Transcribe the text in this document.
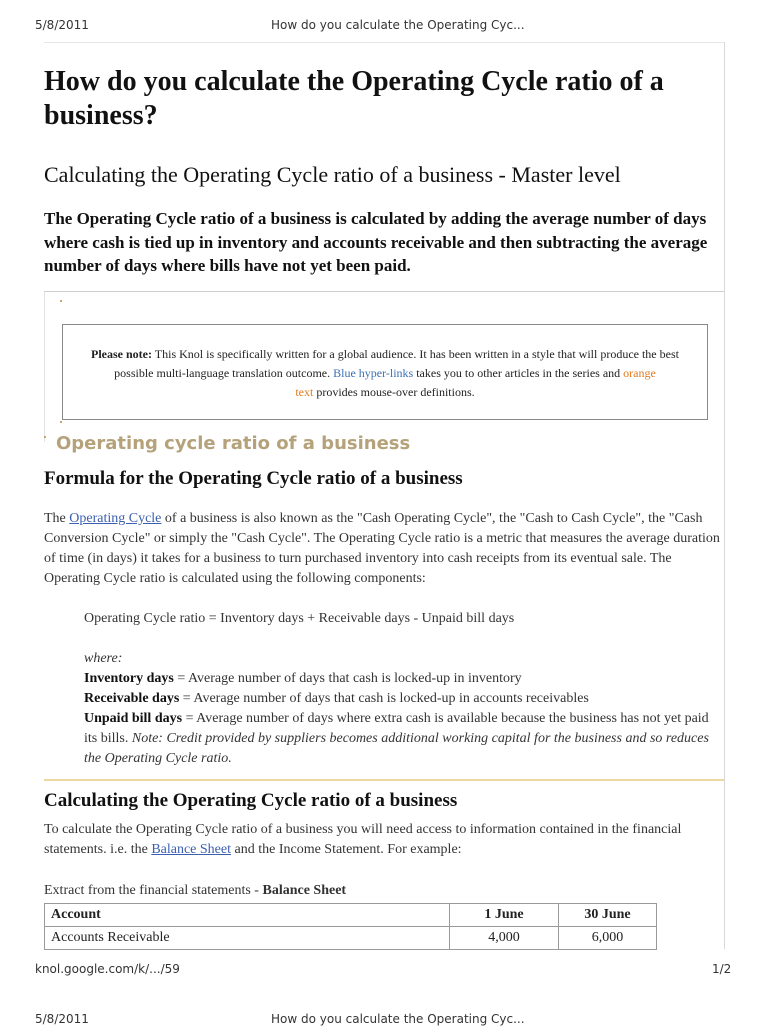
5/8/2011	How do you calculate the Operating Cyc...
How do you calculate the Operating Cycle ratio of a business?
Calculating the Operating Cycle ratio of a business - Master level

The Operating Cycle ratio of a business is calculated by adding the average number of days where cash is tied up in inventory and accounts receivable and then subtracting the average number of days where bills have not yet been paid.

Please note: This Knol is specifically written for a global audience. It has been written in a style that will produce the best possible multi-language translation outcome. Blue hyper-links takes you to other articles in the series and orange
text provides mouse-over definitions.
Operating cycle ratio of a business
Formula for the Operating Cycle ratio of a business

The Operating Cycle of a business is also known as the "Cash Operating Cycle", the "Cash to Cash Cycle", the "Cash Conversion Cycle" or simply the "Cash Cycle". The Operating Cycle ratio is a metric that measures the average duration of time (in days) it takes for a business to turn purchased inventory into cash receipts from its eventual sale. The Operating Cycle ratio is calculated using the following components:

Operating Cycle ratio = Inventory days + Receivable days - Unpaid bill days
where:
Inventory days = Average number of days that cash is locked-up in inventory
Receivable days = Average number of days that cash is locked-up in accounts receivables
Unpaid bill days = Average number of days where extra cash is available because the business has not yet paid its bills. Note: Credit provided by suppliers becomes additional working capital for the business and so reduces the Operating Cycle ratio.
Calculating the Operating Cycle ratio of a business

To calculate the Operating Cycle ratio of a business you will need access to information contained in the financial statements. i.e. the Balance Sheet and the Income Statement. For example:

Extract from the financial statements - Balance Sheet

Account	1 June	30 June
Accounts Receivable	4,000	6,000
knol.google.com/k/.../59	1/2
5/8/2011	How do you calculate the Operating Cyc...
